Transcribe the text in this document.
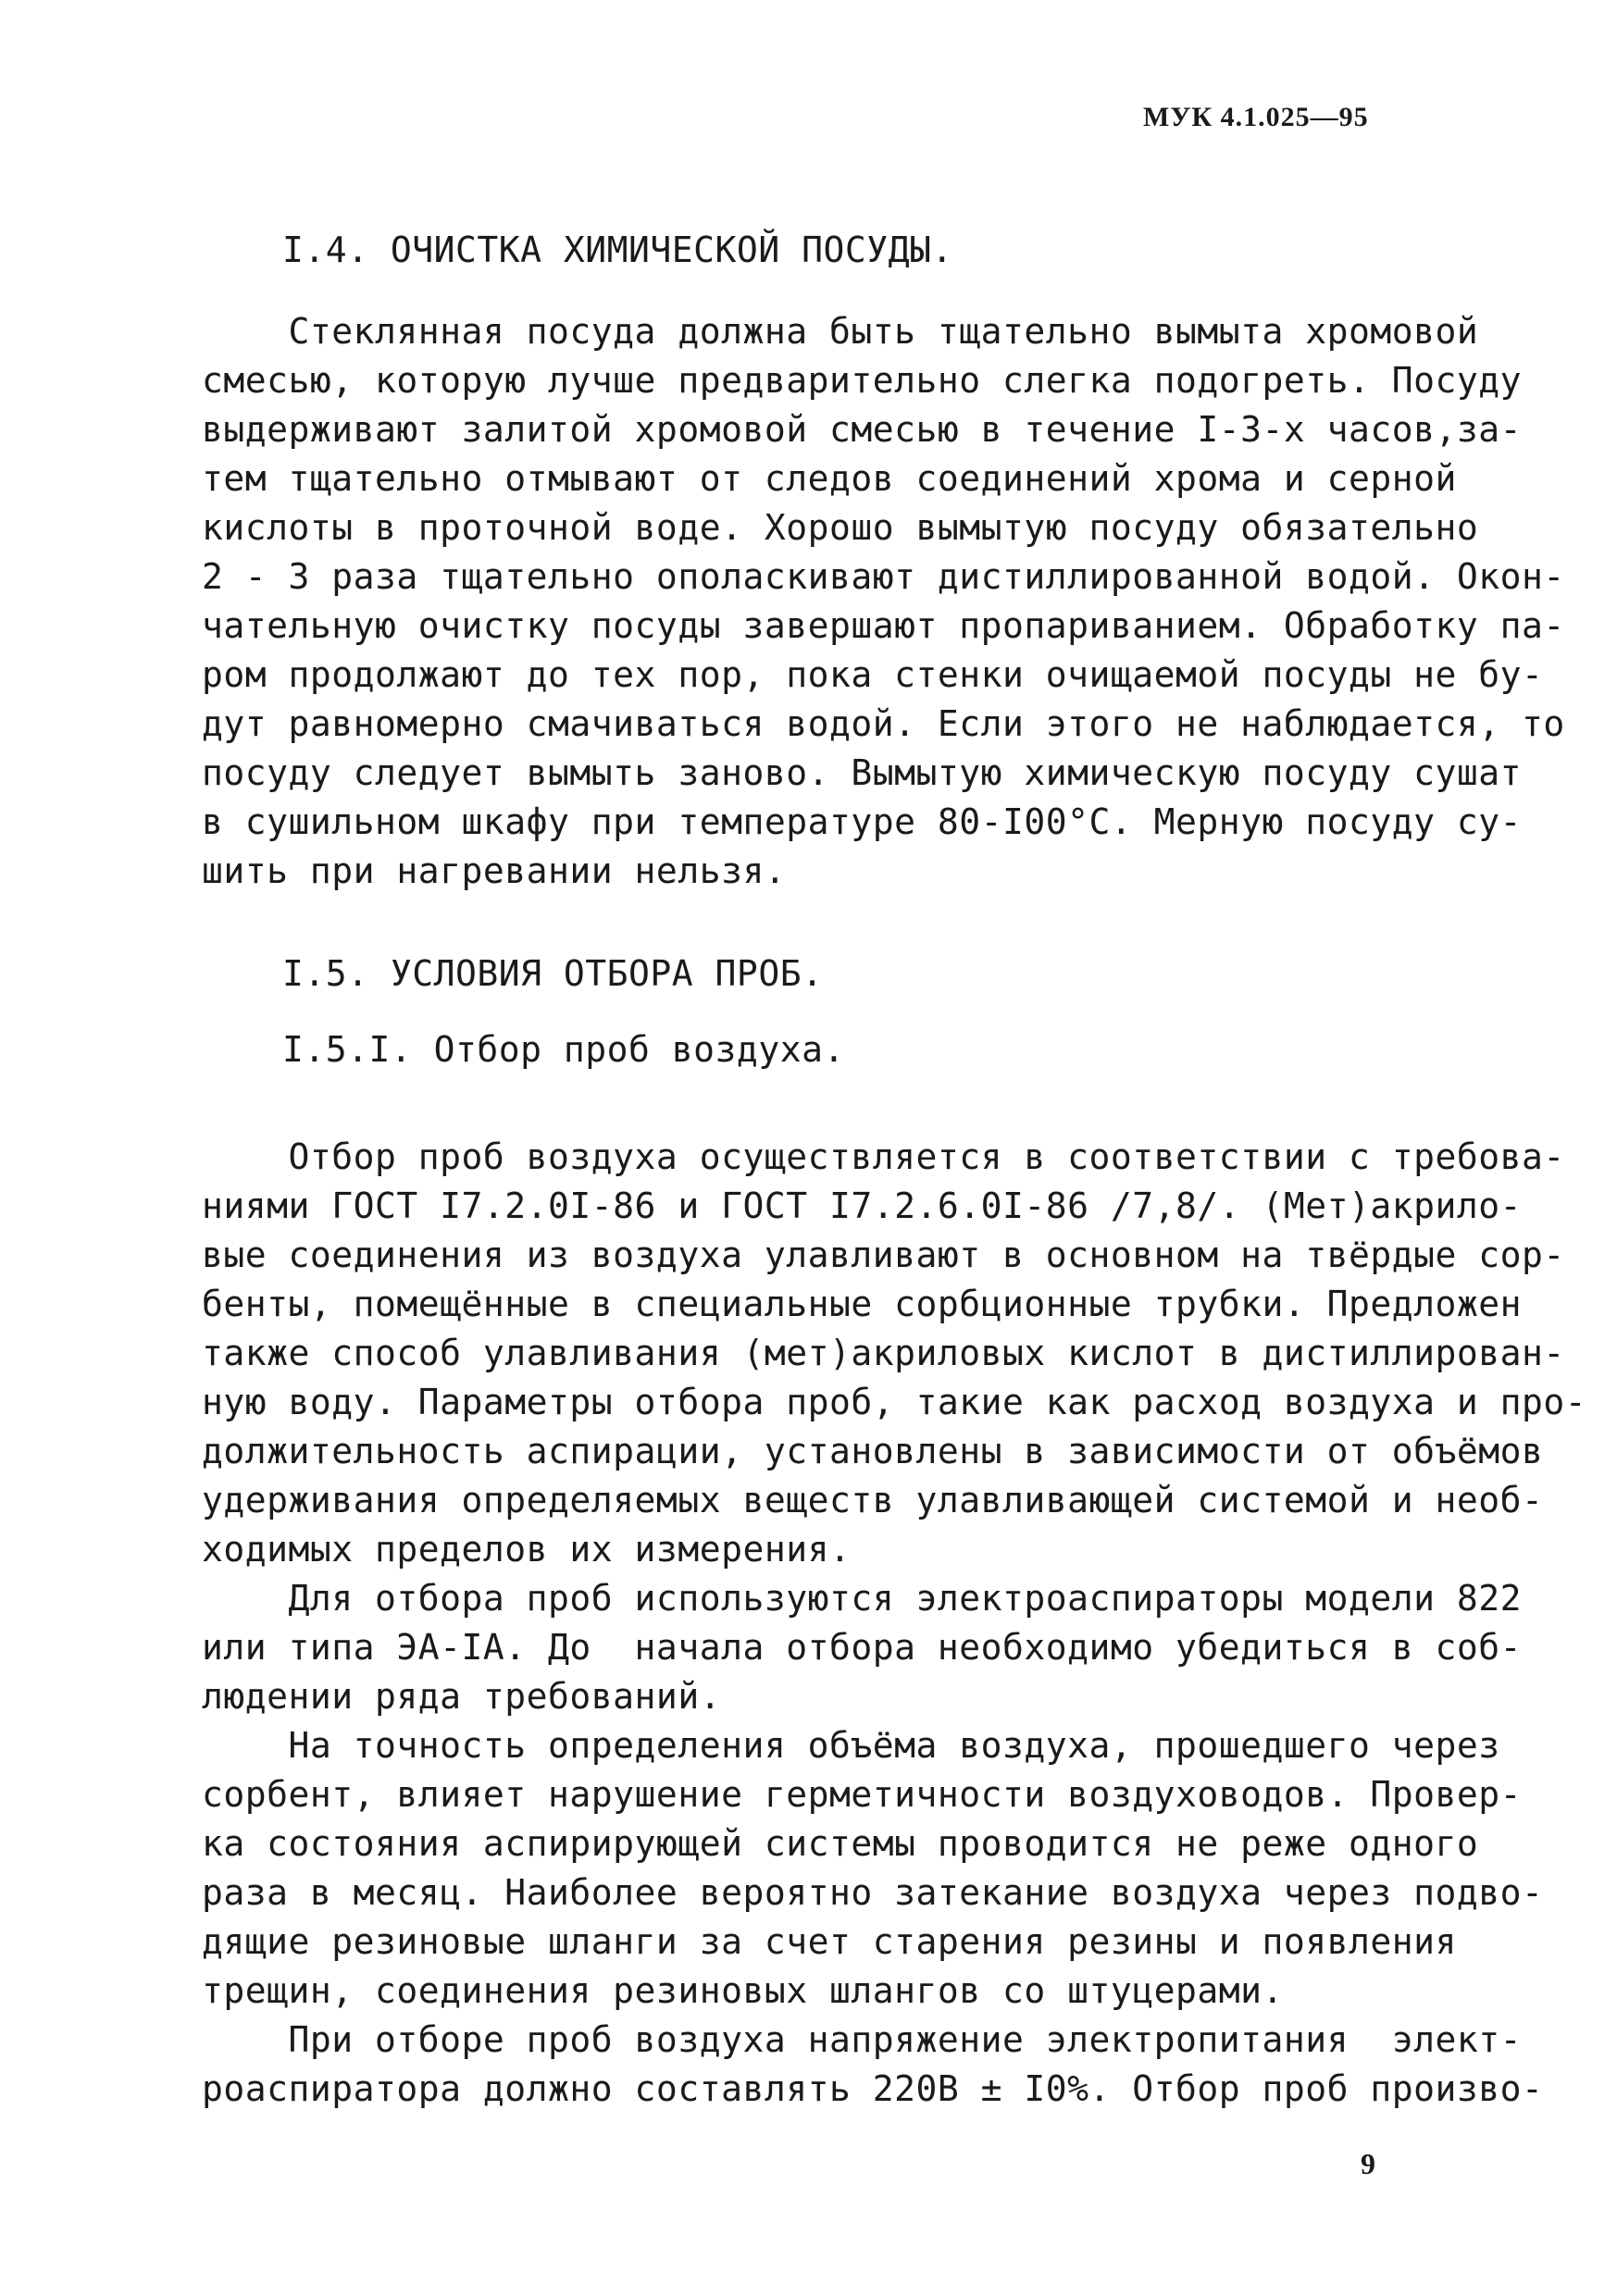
МУК 4.1.025—95
I.4. ОЧИСТКА ХИМИЧЕСКОЙ ПОСУДЫ.
Стеклянная посуда должна быть тщательно вымыта хромовой
смесью, которую лучше предварительно слегка подогреть. Посуду
выдерживают залитой хромовой смесью в течение I-3-х часов,за-
тем тщательно отмывают от следов соединений хрома и серной
кислоты в проточной воде. Хорошо вымытую посуду обязательно
2 - 3 раза тщательно ополаскивают дистиллированной водой. Окон-
чательную очистку посуды завершают пропариванием. Обработку па-
ром продолжают до тех пор, пока стенки очищаемой посуды не бу-
дут равномерно смачиваться водой. Если этого не наблюдается, то
посуду следует вымыть заново. Вымытую химическую посуду сушат
в сушильном шкафу при температуре 80-I00°С. Мерную посуду су-
шить при нагревании нельзя.
I.5. УСЛОВИЯ ОТБОРА ПРОБ.
I.5.I. Отбор проб воздуха.
Отбор проб воздуха осуществляется в соответствии с требова-
ниями ГОСТ I7.2.0I-86 и ГОСТ I7.2.6.0I-86 /7,8/. (Мет)акрило-
вые соединения из воздуха улавливают в основном на твёрдые сор-
бенты, помещённые в специальные сорбционные трубки. Предложен
также способ улавливания (мет)акриловых кислот в дистиллирован-
ную воду. Параметры отбора проб, такие как расход воздуха и про-
должительность аспирации, установлены в зависимости от объёмов
удерживания определяемых веществ улавливающей системой и необ-
ходимых пределов их измерения.
Для отбора проб используются электроаспираторы модели 822
или типа ЭА-IА. До  начала отбора необходимо убедиться в соб-
людении ряда требований.
На точность определения объёма воздуха, прошедшего через
сорбент, влияет нарушение герметичности воздуховодов. Провер-
ка состояния аспирирующей системы проводится не реже одного
раза в месяц. Наиболее вероятно затекание воздуха через подво-
дящие резиновые шланги за счет старения резины и появления
трещин, соединения резиновых шлангов со штуцерами.
При отборе проб воздуха напряжение электропитания  элект-
роаспиратора должно составлять 220В ± I0%. Отбор проб произво-
9
